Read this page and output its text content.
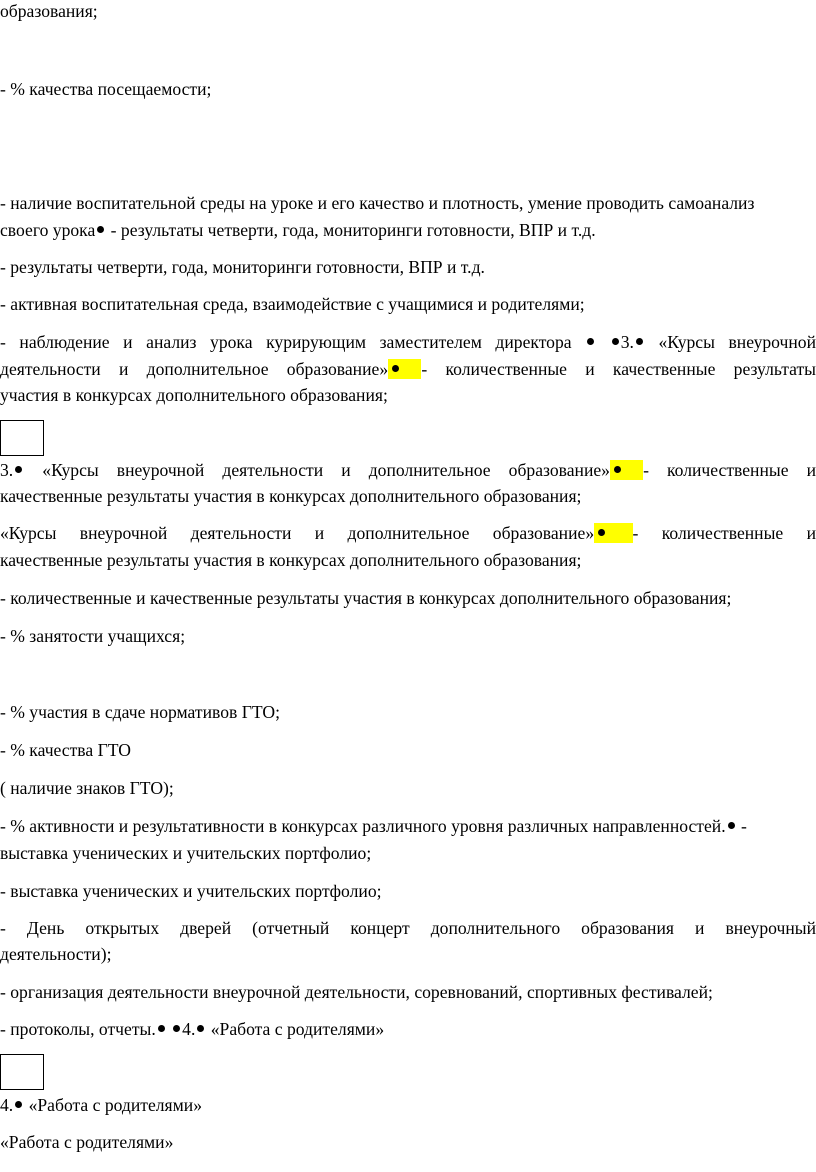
образования;
- % качества посещаемости;
- наличие воспитательной среды на уроке и его качество и плотность, умение проводить самоанализ
своего урока - результаты четверти, года, мониторинги готовности, ВПР и т.д.
- результаты четверти, года, мониторинги готовности, ВПР и т.д.
- активная воспитательная среда, взаимодействие с учащимися и родителями;
- наблюдение и анализ урока курирующим заместителем директора	3. «Курсы внеурочной
деятельности и дополнительное образование» - количественные и качественные результаты
участия в конкурсах дополнительного образования;
3. «Курсы внеурочной деятельности и дополнительное образование» - количественные и
качественные результаты участия в конкурсах дополнительного образования;
«Курсы внеурочной деятельности и дополнительное образование» - количественные и
качественные результаты участия в конкурсах дополнительного образования;
- количественные и качественные результаты участия в конкурсах дополнительного образования;
- % занятости учащихся;
- % участия в сдаче нормативов ГТО;
- % качества ГТО
( наличие знаков ГТО);
- % активности и результативности в конкурсах различного уровня различных направленностей. -
выставка ученических и учительских портфолио;
- выставка ученических и учительских портфолио;
- День открытых дверей (отчетный концерт дополнительного образования и внеурочный
деятельности);
- организация деятельности внеурочной деятельности, соревнований, спортивных фестивалей;
- протоколы, отчеты. 4. «Работа с родителями»
4. «Работа с родителями»
«Работа с родителями»
